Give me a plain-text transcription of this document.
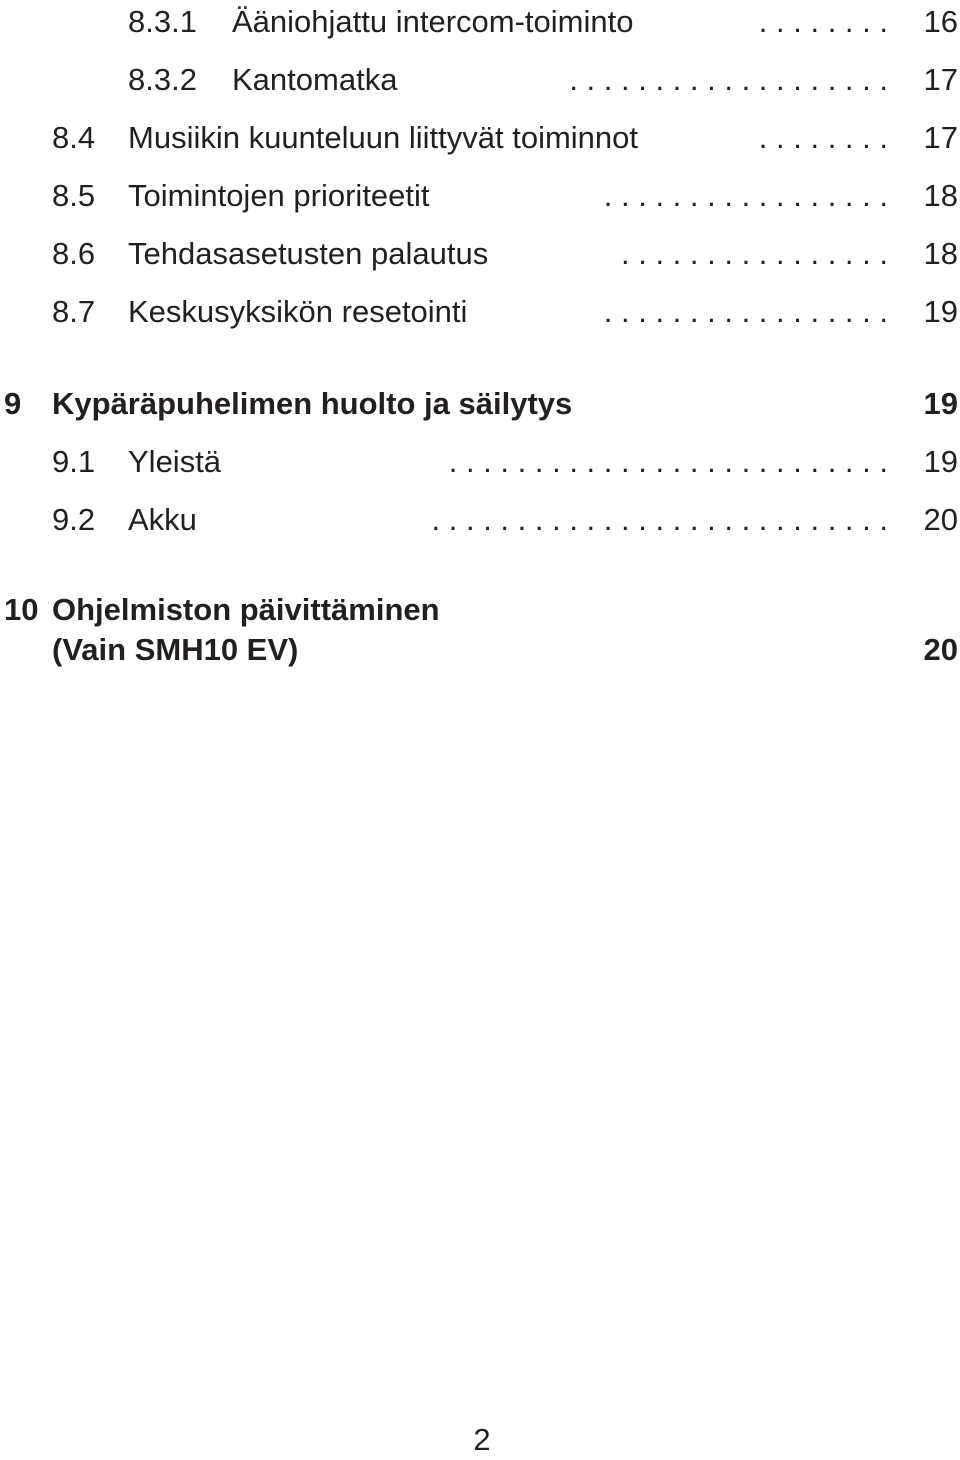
8.3.1 Ääniohjattu intercom-toiminto	. . . . . . . . 16
8.3.2 Kantomatka	. . . . . . . . . . . . . . . . . . . 17
8.4 Musiikin kuunteluun liittyvät toiminnot	. . . . . . . . 17
8.5 Toimintojen prioriteetit	. . . . . . . . . . . . . . . . . 18
8.6 Tehdasasetusten palautus	. . . . . . . . . . . . . . . . 18
8.7 Keskusyksikön resetointi	. . . . . . . . . . . . . . . . . 19
9 Kypäräpuhelimen huolto ja säilytys	19
9.1 Yleistä	. . . . . . . . . . . . . . . . . . . . . . . . . . 19
9.2 Akku	. . . . . . . . . . . . . . . . . . . . . . . . . . . 20
10 Ohjelmiston päivittäminen
(Vain SMH10 EV)	20
2
